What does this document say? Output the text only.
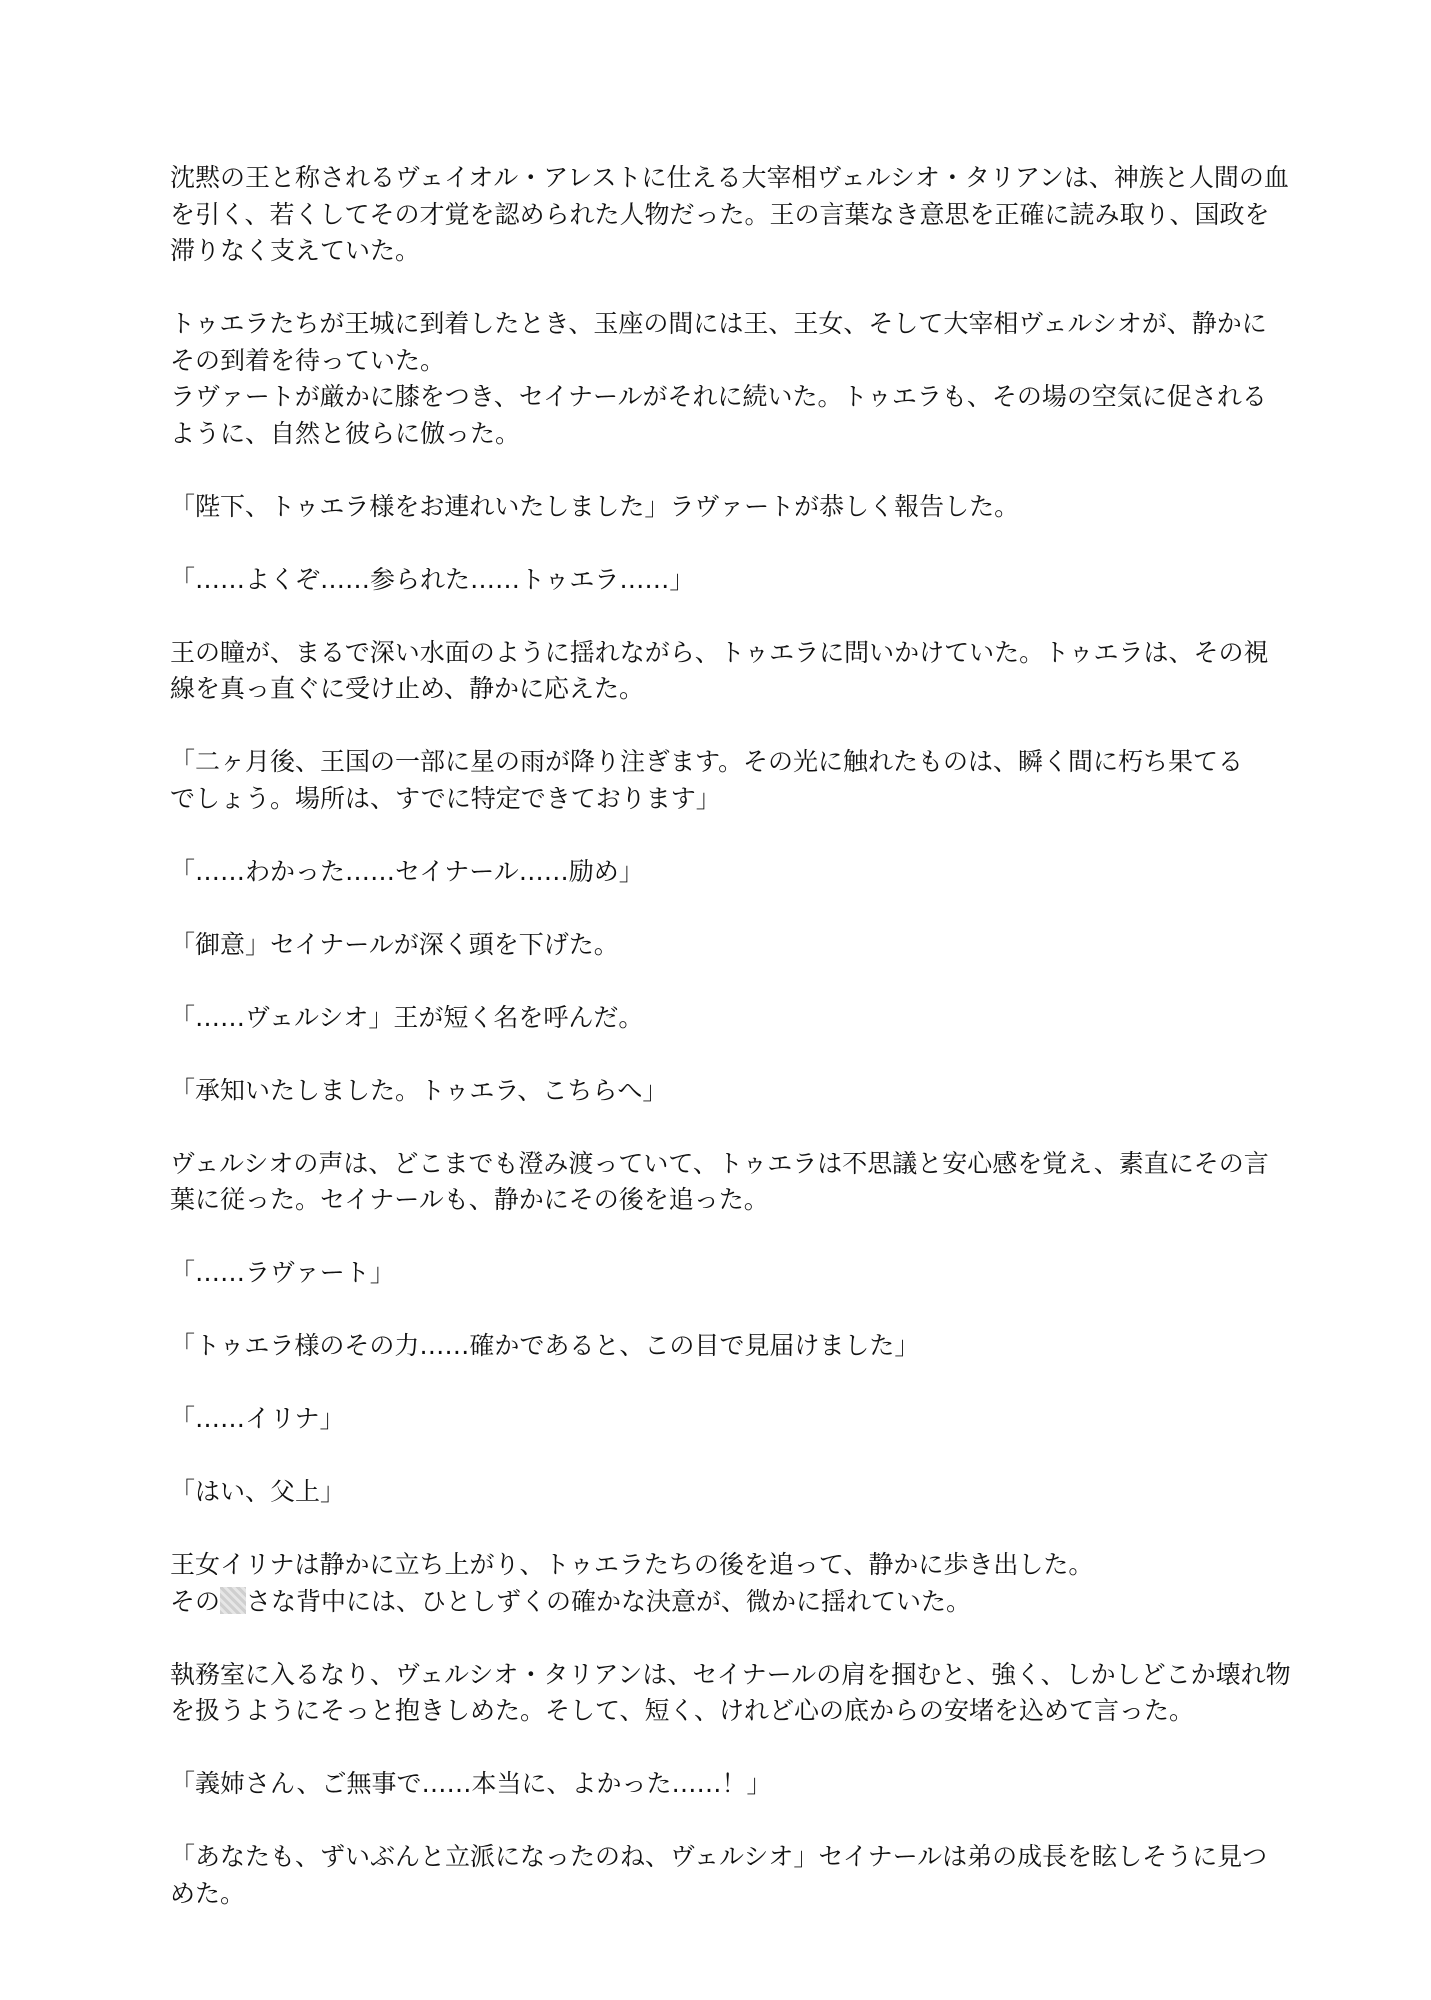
沈黙の王と称されるヴェイオル・アレストに仕える大宰相ヴェルシオ・タリアンは、神族と人間の血
を引く、若くしてその才覚を認められた人物だった。王の言葉なき意思を正確に読み取り、国政を
滞りなく支えていた。

トゥエラたちが王城に到着したとき、玉座の間には王、王女、そして大宰相ヴェルシオが、静かに
その到着を待っていた。
ラヴァートが厳かに膝をつき、セイナールがそれに続いた。トゥエラも、その場の空気に促される
ように、自然と彼らに倣った。

「陛下、トゥエラ様をお連れいたしました」ラヴァートが恭しく報告した。

「……よくぞ……参られた……トゥエラ……」

王の瞳が、まるで深い水面のように揺れながら、トゥエラに問いかけていた。トゥエラは、その視
線を真っ直ぐに受け止め、静かに応えた。

「二ヶ月後、王国の一部に星の雨が降り注ぎます。その光に触れたものは、瞬く間に朽ち果てる
でしょう。場所は、すでに特定できております」

「……わかった……セイナール……励め」

「御意」セイナールが深く頭を下げた。

「……ヴェルシオ」王が短く名を呼んだ。

「承知いたしました。トゥエラ、こちらへ」

ヴェルシオの声は、どこまでも澄み渡っていて、トゥエラは不思議と安心感を覚え、素直にその言
葉に従った。セイナールも、静かにその後を追った。

「……ラヴァート」

「トゥエラ様のその力……確かであると、この目で見届けました」

「……イリナ」

「はい、父上」

王女イリナは静かに立ち上がり、トゥエラたちの後を追って、静かに歩き出した。
その さな背中には、ひとしずくの確かな決意が、微かに揺れていた。

執務室に入るなり、ヴェルシオ・タリアンは、セイナールの肩を掴むと、強く、しかしどこか壊れ物
を扱うようにそっと抱きしめた。そして、短く、けれど心の底からの安堵を込めて言った。

「義姉さん、ご無事で……本当に、よかった……！」

「あなたも、ずいぶんと立派になったのね、ヴェルシオ」セイナールは弟の成長を眩しそうに見つ
めた。
